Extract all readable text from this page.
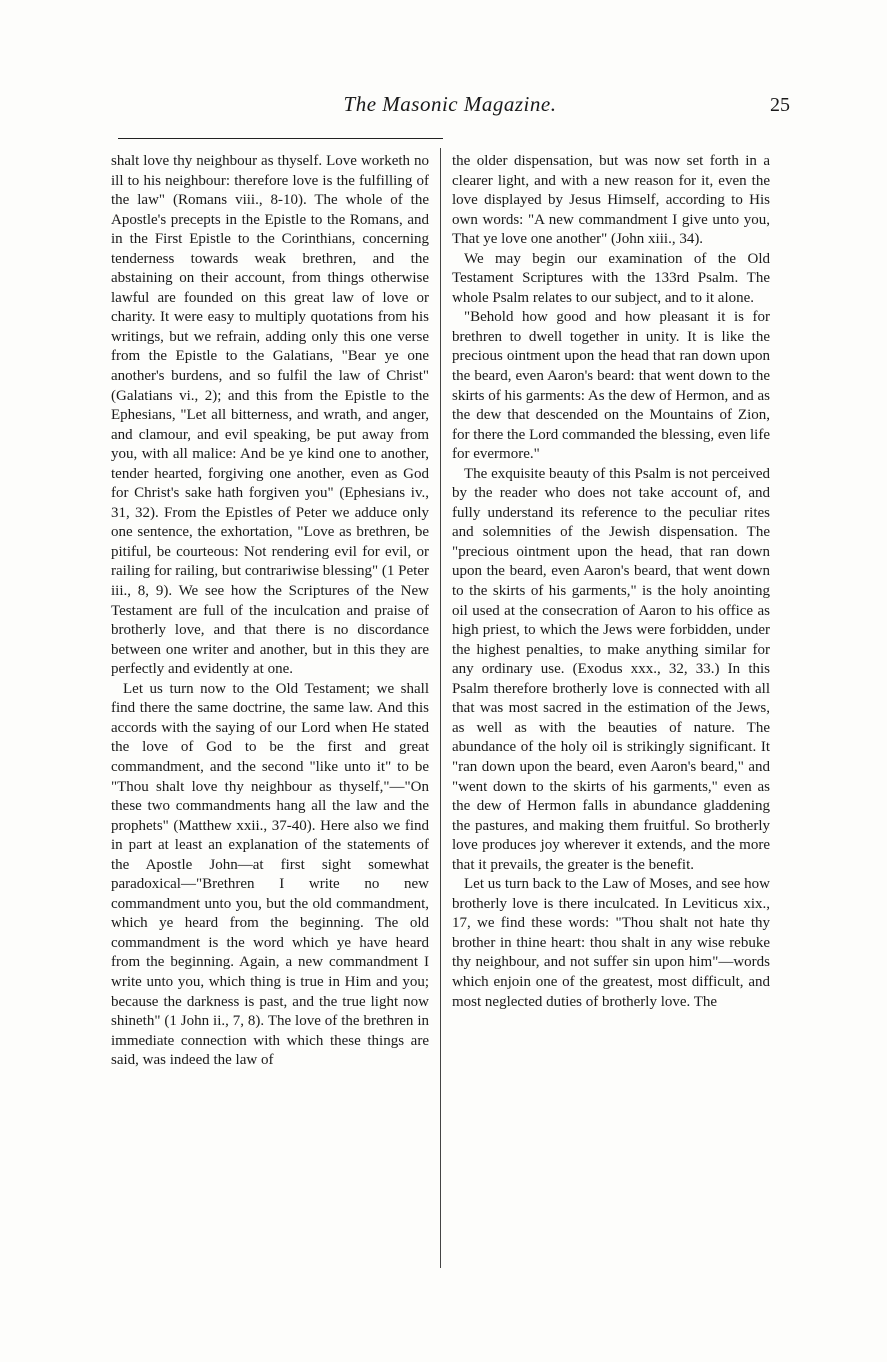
The Masonic Magazine.	25

shalt love thy neighbour as thyself. Love worketh no ill to his neighbour: therefore love is the fulfilling of the law" (Romans viii., 8-10). The whole of the Apostle's precepts in the Epistle to the Romans, and in the First Epistle to the Corinthians, concerning tenderness towards weak brethren, and the abstaining on their account, from things otherwise lawful are founded on this great law of love or charity. It were easy to multiply quotations from his writings, but we refrain, adding only this one verse from the Epistle to the Galatians, "Bear ye one another's burdens, and so fulfil the law of Christ" (Galatians vi., 2); and this from the Epistle to the Ephesians, "Let all bitterness, and wrath, and anger, and clamour, and evil speaking, be put away from you, with all malice: And be ye kind one to another, tender hearted, forgiving one another, even as God for Christ's sake hath forgiven you" (Ephesians iv., 31, 32). From the Epistles of Peter we adduce only one sentence, the exhortation, "Love as brethren, be pitiful, be courteous: Not rendering evil for evil, or railing for railing, but contrariwise blessing" (1 Peter iii., 8, 9). We see how the Scriptures of the New Testament are full of the inculcation and praise of brotherly love, and that there is no discordance between one writer and another, but in this they are perfectly and evidently at one.

Let us turn now to the Old Testament; we shall find there the same doctrine, the same law. And this accords with the saying of our Lord when He stated the love of God to be the first and great commandment, and the second "like unto it" to be "Thou shalt love thy neighbour as thyself,"—"On these two commandments hang all the law and the prophets" (Matthew xxii., 37-40). Here also we find in part at least an explanation of the statements of the Apostle John—at first sight somewhat paradoxical—"Brethren I write no new commandment unto you, but the old commandment, which ye heard from the beginning. The old commandment is the word which ye have heard from the beginning. Again, a new commandment I write unto you, which thing is true in Him and you; because the darkness is past, and the true light now shineth" (1 John ii., 7, 8). The love of the brethren in immediate connection with which these things are said, was indeed the law of

the older dispensation, but was now set forth in a clearer light, and with a new reason for it, even the love displayed by Jesus Himself, according to His own words: "A new commandment I give unto you, That ye love one another" (John xiii., 34).

We may begin our examination of the Old Testament Scriptures with the 133rd Psalm. The whole Psalm relates to our subject, and to it alone.

"Behold how good and how pleasant it is for brethren to dwell together in unity. It is like the precious ointment upon the head that ran down upon the beard, even Aaron's beard: that went down to the skirts of his garments: As the dew of Hermon, and as the dew that descended on the Mountains of Zion, for there the Lord commanded the blessing, even life for evermore."

The exquisite beauty of this Psalm is not perceived by the reader who does not take account of, and fully understand its reference to the peculiar rites and solemnities of the Jewish dispensation. The "precious ointment upon the head, that ran down upon the beard, even Aaron's beard, that went down to the skirts of his garments," is the holy anointing oil used at the consecration of Aaron to his office as high priest, to which the Jews were forbidden, under the highest penalties, to make anything similar for any ordinary use. (Exodus xxx., 32, 33.) In this Psalm therefore brotherly love is connected with all that was most sacred in the estimation of the Jews, as well as with the beauties of nature. The abundance of the holy oil is strikingly significant. It "ran down upon the beard, even Aaron's beard," and "went down to the skirts of his garments," even as the dew of Hermon falls in abundance gladdening the pastures, and making them fruitful. So brotherly love produces joy wherever it extends, and the more that it prevails, the greater is the benefit.

Let us turn back to the Law of Moses, and see how brotherly love is there inculcated. In Leviticus xix., 17, we find these words: "Thou shalt not hate thy brother in thine heart: thou shalt in any wise rebuke thy neighbour, and not suffer sin upon him"—words which enjoin one of the greatest, most difficult, and most neglected duties of brotherly love. The
